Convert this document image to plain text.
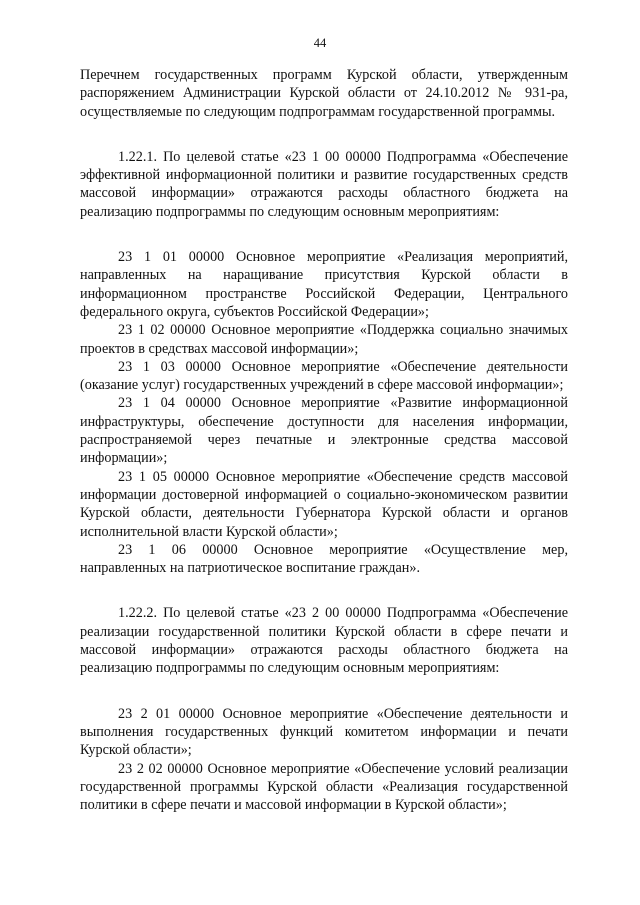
44

Перечнем государственных программ Курской области, утвержденным распоряжением Администрации Курской области от 24.10.2012 № 931-ра, осуществляемые по следующим подпрограммам государственной программы.

1.22.1. По целевой статье «23 1 00 00000 Подпрограмма «Обеспечение эффективной информационной политики и развитие государственных средств массовой информации» отражаются расходы областного бюджета на реализацию подпрограммы по следующим основным мероприятиям:

23 1 01 00000 Основное мероприятие «Реализация мероприятий, направленных на наращивание присутствия Курской области в информационном пространстве Российской Федерации, Центрального федерального округа, субъектов Российской Федерации»;

23 1 02 00000 Основное мероприятие «Поддержка социально значимых проектов в средствах массовой информации»;

23 1 03 00000 Основное мероприятие «Обеспечение деятельности (оказание услуг) государственных учреждений в сфере массовой информации»;

23 1 04 00000 Основное мероприятие «Развитие информационной инфраструктуры, обеспечение доступности для населения информации, распространяемой через печатные и электронные средства массовой информации»;

23 1 05 00000 Основное мероприятие «Обеспечение средств массовой информации достоверной информацией о социально-экономическом развитии Курской области, деятельности Губернатора Курской области и органов исполнительной власти Курской области»;

23 1 06 00000 Основное мероприятие «Осуществление мер, направленных на патриотическое воспитание граждан».

1.22.2. По целевой статье «23 2 00 00000 Подпрограмма «Обеспечение реализации государственной политики Курской области в сфере печати и массовой информации» отражаются расходы областного бюджета на реализацию подпрограммы по следующим основным мероприятиям:

23 2 01 00000 Основное мероприятие «Обеспечение деятельности и выполнения государственных функций комитетом информации и печати Курской области»;

23 2 02 00000 Основное мероприятие «Обеспечение условий реализации государственной программы Курской области «Реализация государственной политики в сфере печати и массовой информации в Курской области»;
